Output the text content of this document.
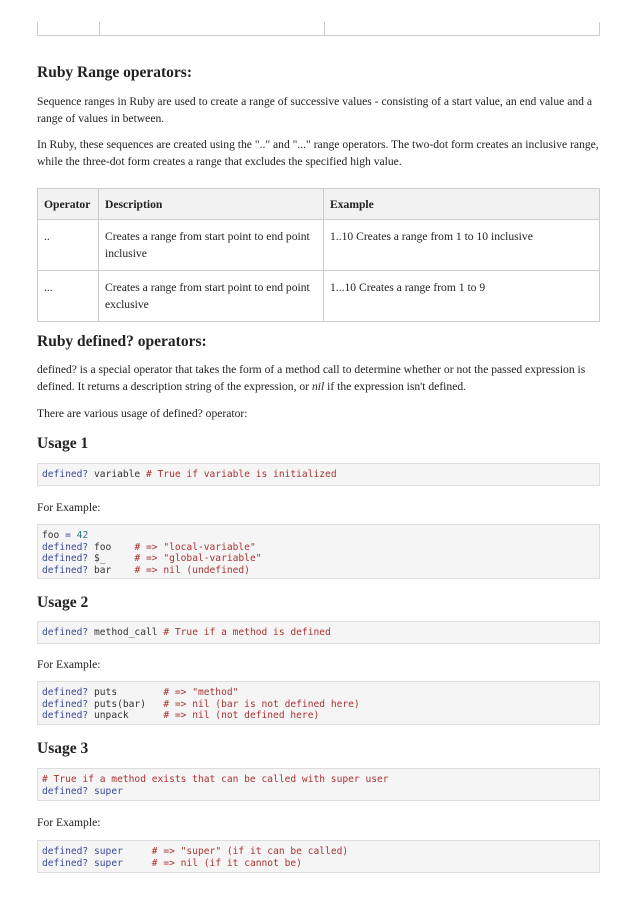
Ruby Range operators:

Sequence ranges in Ruby are used to create a range of successive values - consisting of a start value, an end value and a range of values in between.

In Ruby, these sequences are created using the ".." and "..." range operators. The two-dot form creates an inclusive range, while the three-dot form creates a range that excludes the specified high value.

Operator	Description	Example
..	Creates a range from start point to end point inclusive	1..10 Creates a range from 1 to 10 inclusive
...	Creates a range from start point to end point exclusive	1...10 Creates a range from 1 to 9
Ruby defined? operators:

defined? is a special operator that takes the form of a method call to determine whether or not the passed expression is defined. It returns a description string of the expression, or nil if the expression isn't defined.

There are various usage of defined? operator:

Usage 1
defined? variable # True if variable is initialized

For Example:

foo = 42
defined? foo    # => "local-variable"
defined? $_     # => "global-variable"
defined? bar    # => nil (undefined)
Usage 2
defined? method_call # True if a method is defined

For Example:

defined? puts        # => "method"
defined? puts(bar)   # => nil (bar is not defined here)
defined? unpack      # => nil (not defined here)
Usage 3
# True if a method exists that can be called with super user
defined? super

For Example:

defined? super	# => "super" (if it can be called)
defined? super	# => nil (if it cannot be)
